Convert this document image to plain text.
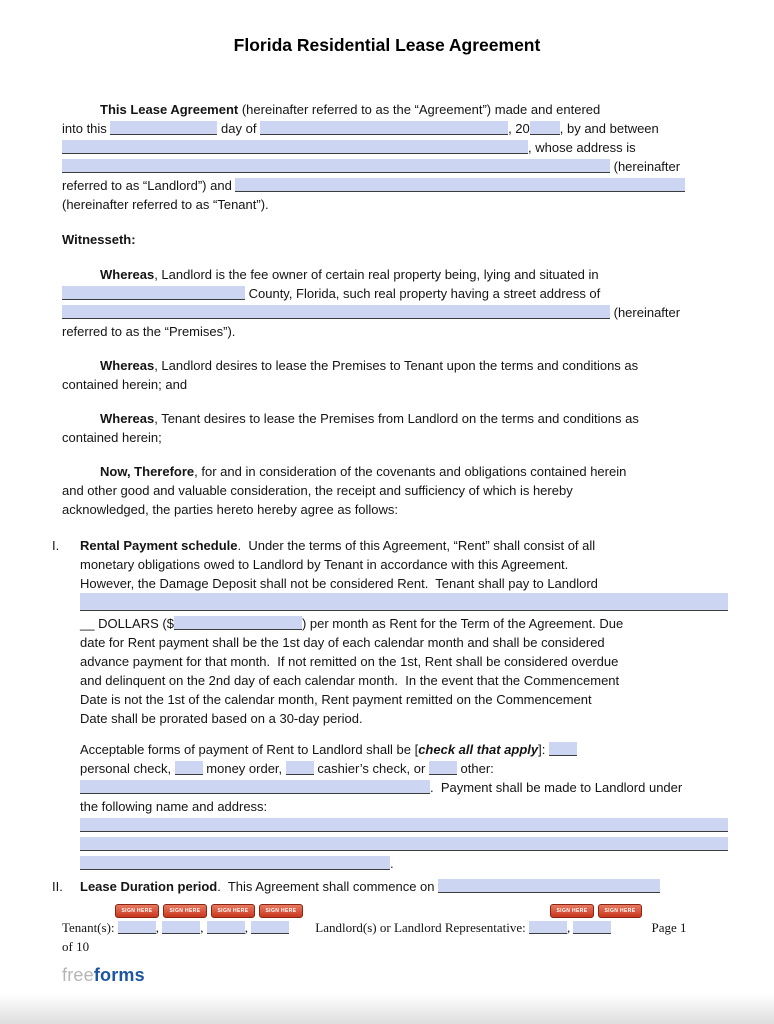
Florida Residential Lease Agreement
This Lease Agreement (hereinafter referred to as the “Agreement”) made and entered
into this	day of	, 20 , by and between
, whose address is
(hereinafter
referred to as “Landlord”) and
(hereinafter referred to as “Tenant”).
Witnesseth:
Whereas, Landlord is the fee owner of certain real property being, lying and situated in
County, Florida, such real property having a street address of
(hereinafter
referred to as the “Premises”).
Whereas, Landlord desires to lease the Premises to Tenant upon the terms and conditions as
contained herein; and
Whereas, Tenant desires to lease the Premises from Landlord on the terms and conditions as
contained herein;
Now, Therefore, for and in consideration of the covenants and obligations contained herein
and other good and valuable consideration, the receipt and sufficiency of which is hereby
acknowledged, the parties hereto hereby agree as follows:
I.	Rental Payment schedule.  Under the terms of this Agreement, “Rent” shall consist of all
monetary obligations owed to Landlord by Tenant in accordance with this Agreement.
However, the Damage Deposit shall not be considered Rent.  Tenant shall pay to Landlord
__ DOLLARS ($	) per month as Rent for the Term of the Agreement. Due
date for Rent payment shall be the 1st day of each calendar month and shall be considered
advance payment for that month.  If not remitted on the 1st, Rent shall be considered overdue
and delinquent on the 2nd day of each calendar month.  In the event that the Commencement
Date is not the 1st of the calendar month, Rent payment remitted on the Commencement
Date shall be prorated based on a 30-day period.
Acceptable forms of payment of Rent to Landlord shall be [check all that apply]:
personal check,  money order,  cashier’s check, or  other:
.  Payment shall be made to Landlord under
the following name and address:
.
II.	Lease Duration period.  This Agreement shall commence on
SIGN HERE	SIGN HERE	SIGN HERE	SIGN HERE	SIGN HERE	SIGN HERE
Tenant(s):	,	,	,	Landlord(s) or Landlord Representative:	,	Page 1
of 10
freeforms
